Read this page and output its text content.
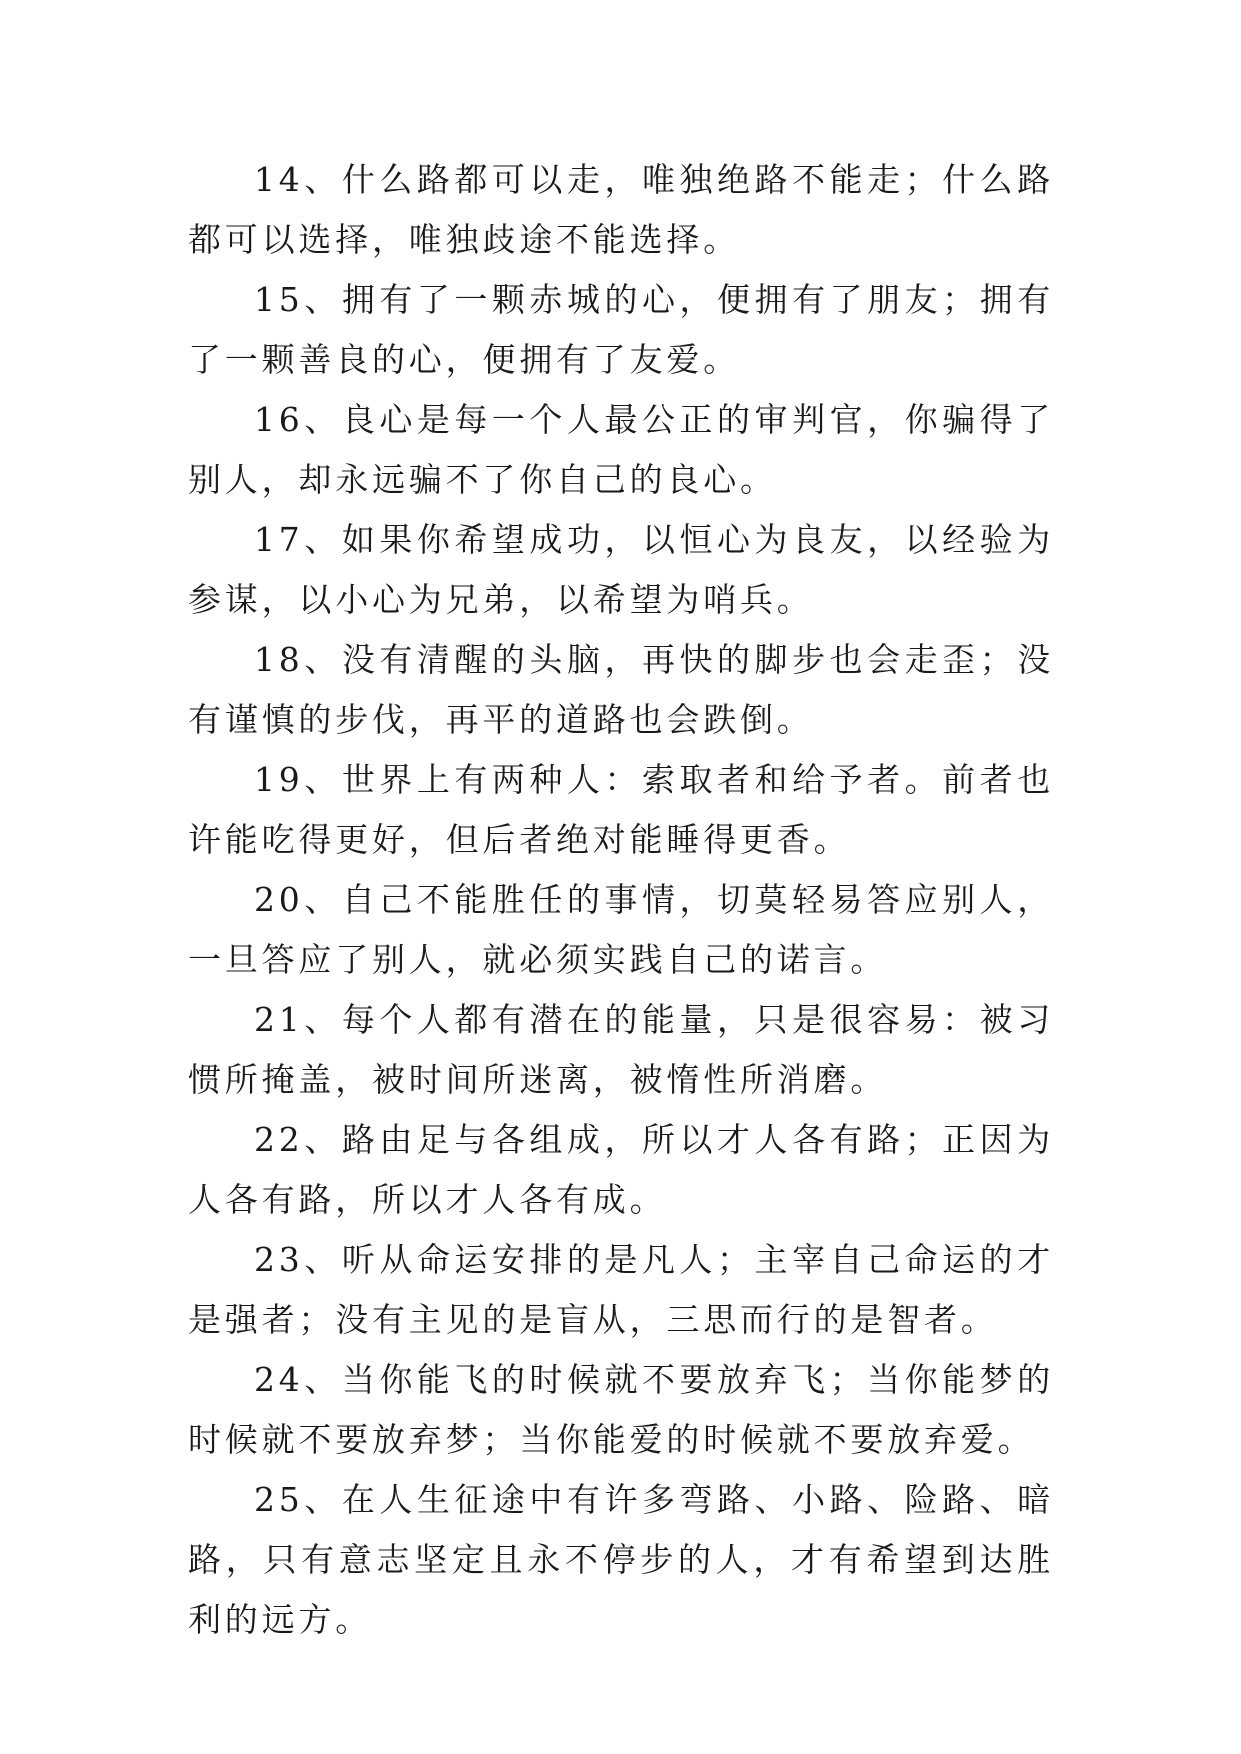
14、什么路都可以走，唯独绝路不能走；什么路都可以选择，唯独歧途不能选择。

15、拥有了一颗赤城的心，便拥有了朋友；拥有了一颗善良的心，便拥有了友爱。

16、良心是每一个人最公正的审判官，你骗得了别人，却永远骗不了你自己的良心。

17、如果你希望成功，以恒心为良友，以经验为参谋，以小心为兄弟，以希望为哨兵。

18、没有清醒的头脑，再快的脚步也会走歪；没有谨慎的步伐，再平的道路也会跌倒。

19、世界上有两种人：索取者和给予者。前者也许能吃得更好，但后者绝对能睡得更香。

20、自己不能胜任的事情，切莫轻易答应别人，一旦答应了别人，就必须实践自己的诺言。

21、每个人都有潜在的能量，只是很容易：被习惯所掩盖，被时间所迷离，被惰性所消磨。

22、路由足与各组成，所以才人各有路；正因为人各有路，所以才人各有成。

23、听从命运安排的是凡人；主宰自己命运的才是强者；没有主见的是盲从，三思而行的是智者。

24、当你能飞的时候就不要放弃飞；当你能梦的时候就不要放弃梦；当你能爱的时候就不要放弃爱。

25、在人生征途中有许多弯路、小路、险路、暗路，只有意志坚定且永不停步的人，才有希望到达胜利的远方。
